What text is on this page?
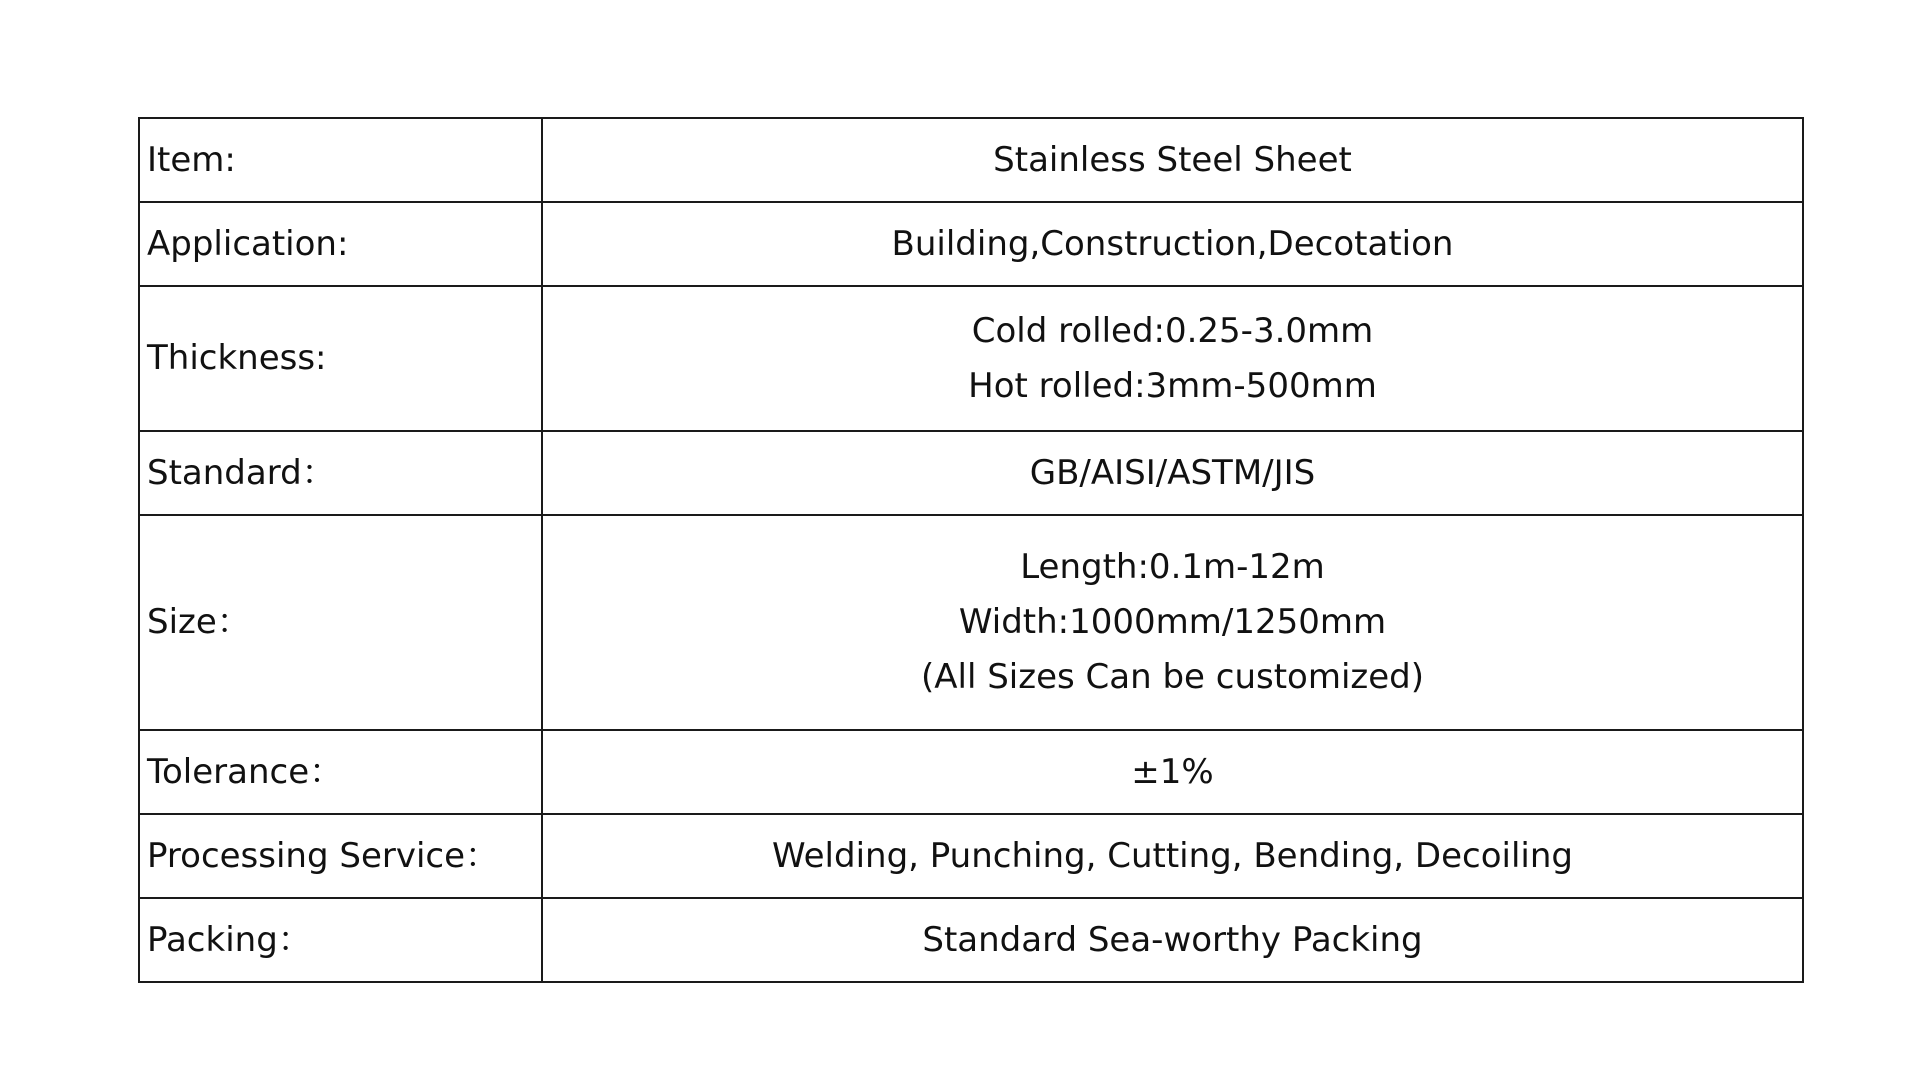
Item:	Stainless Steel Sheet

Application:	Building,Construction,Decotation

Thickness:	Cold rolled:0.25-3.0mm
Hot rolled:3mm-500mm

Standard：	GB/AISI/ASTM/JIS

Size：	Length:0.1m-12m
Width:1000mm/1250mm
(All Sizes Can be customized)

Tolerance：	±1%

Processing Service：	Welding, Punching, Cutting, Bending, Decoiling

Packing：	Standard Sea-worthy Packing
